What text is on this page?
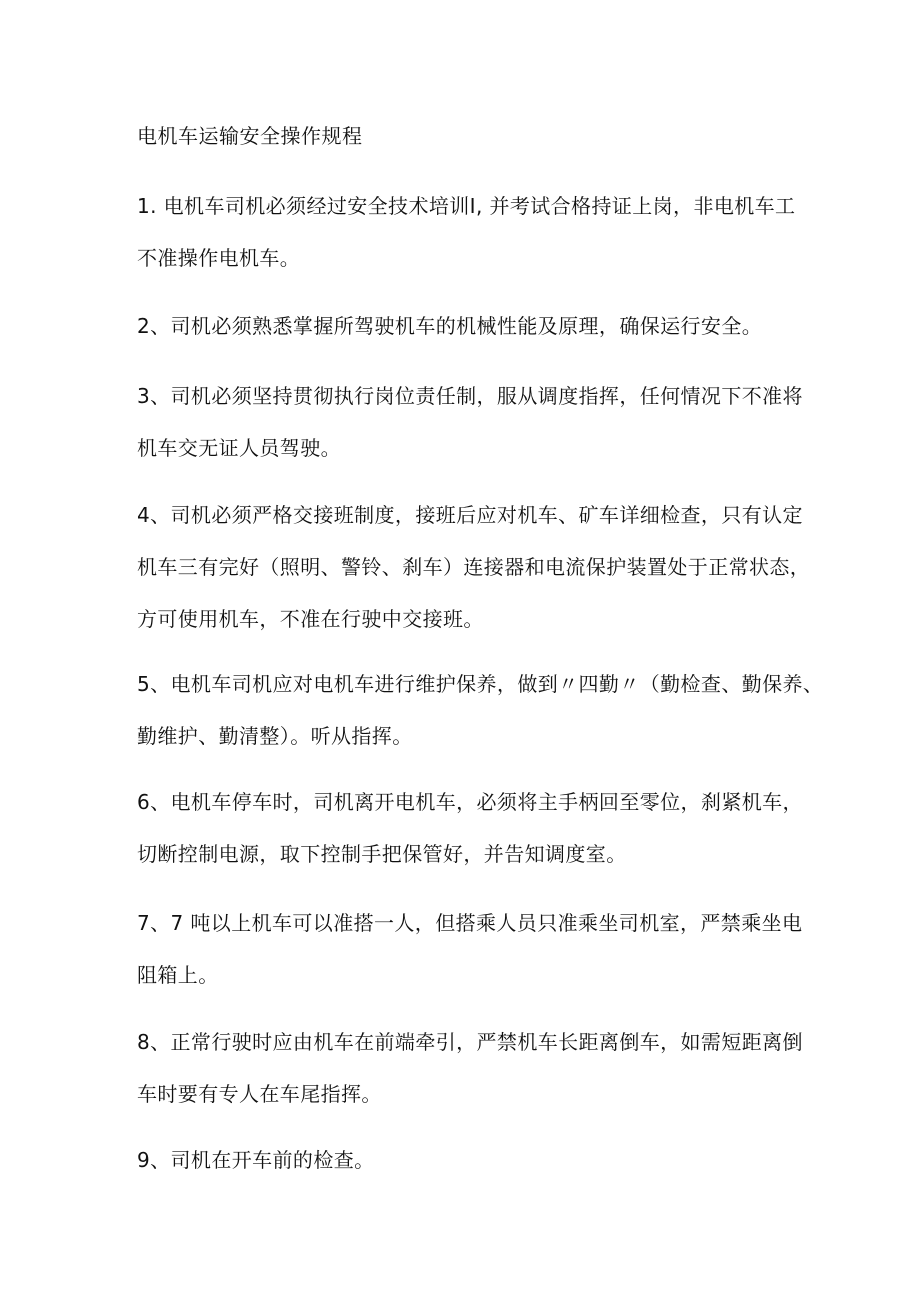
电机车运输安全操作规程
1. 电机车司机必须经过安全技术培训Ⅰ, 并考试合格持证上岗，非电机车工
不准操作电机车。
2、司机必须熟悉掌握所驾驶机车的机械性能及原理，确保运行安全。
3、司机必须坚持贯彻执行岗位责任制，服从调度指挥，任何情况下不准将
机车交无证人员驾驶。
4、司机必须严格交接班制度，接班后应对机车、矿车详细检查，只有认定
机车三有完好（照明、警铃、刹车）连接器和电流保护装置处于正常状态，
方可使用机车，不准在行驶中交接班。
5、电机车司机应对电机车进行维护保养，做到〃四勤〃（勤检查、勤保养、
勤维护、勤清整）。听从指挥。
6、电机车停车时，司机离开电机车，必须将主手柄回至零位，刹紧机车，
切断控制电源，取下控制手把保管好，并告知调度室。
7、7 吨以上机车可以准搭一人，但搭乘人员只准乘坐司机室，严禁乘坐电
阻箱上。
8、正常行驶时应由机车在前端牵引，严禁机车长距离倒车，如需短距离倒
车时要有专人在车尾指挥。
9、司机在开车前的检查。
